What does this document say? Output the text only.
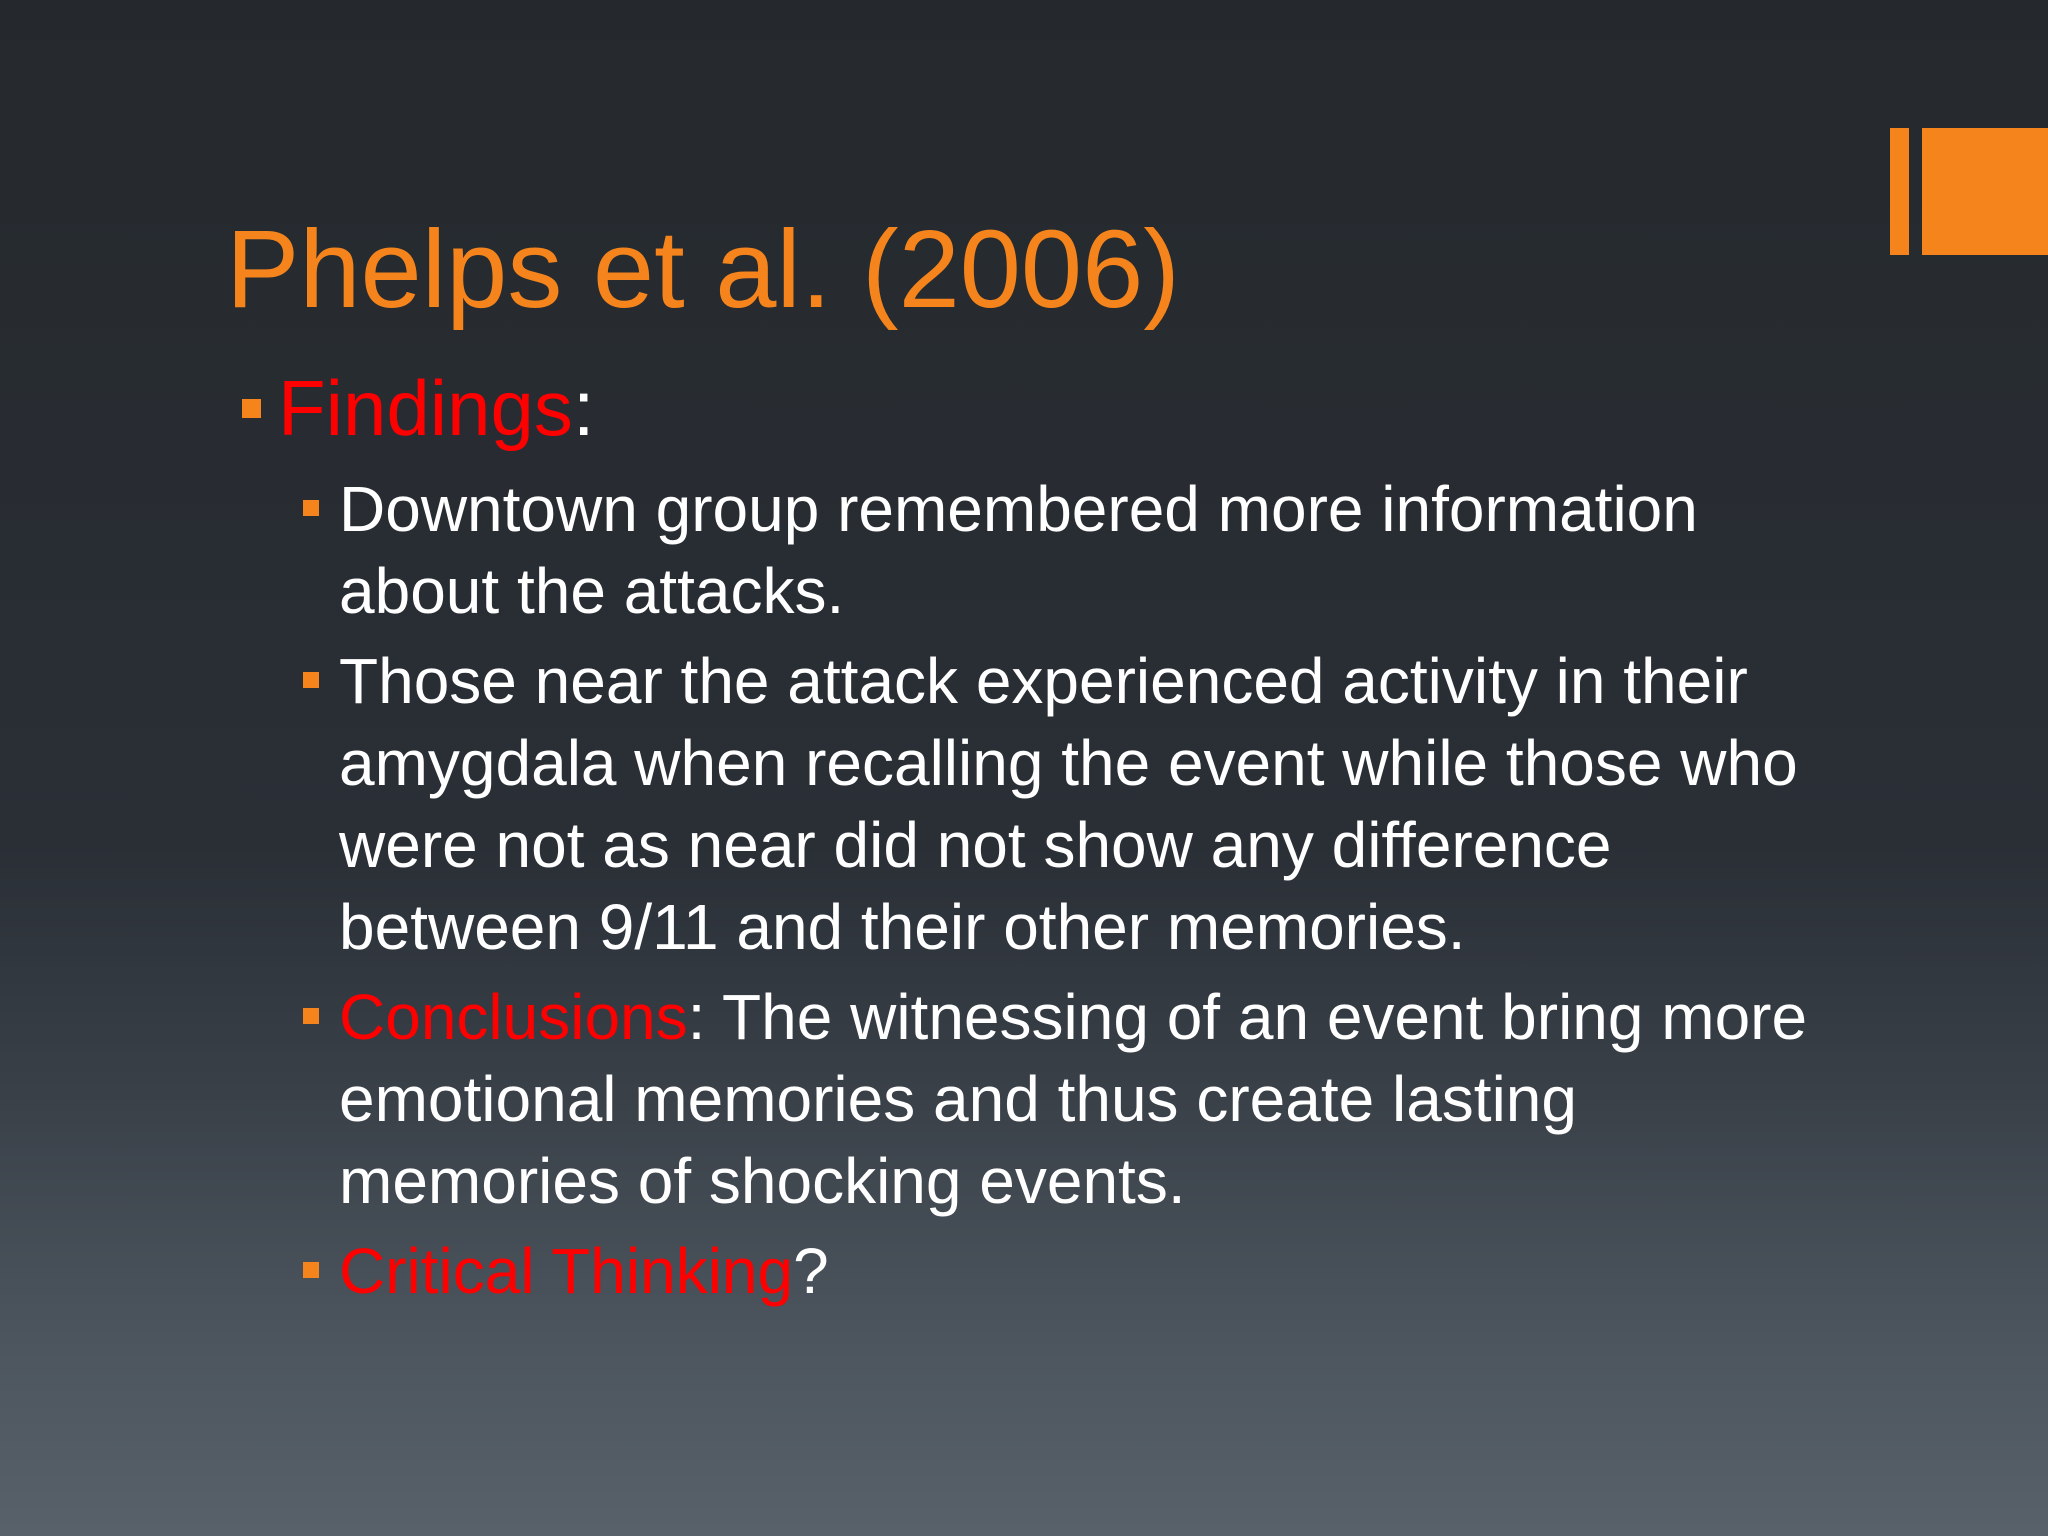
Phelps et al. (2006)
Findings:
Downtown group remembered more information about the attacks.
Those near the attack experienced activity in their amygdala when recalling the event while those who were not as near did not show any difference between 9/11 and their other memories.
Conclusions: The witnessing of an event bring more emotional memories and thus create lasting memories of shocking events.
Critical Thinking?
